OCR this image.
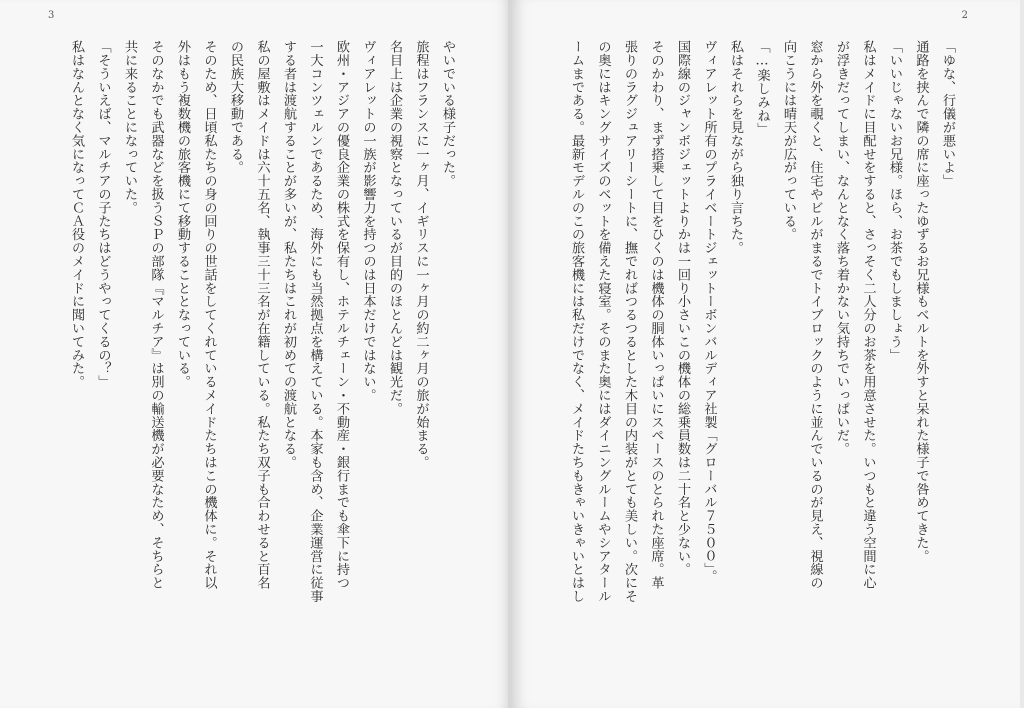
3

やいでいる様子だった。

旅程はフランスに一ヶ月、イギリスに一ヶ月の約二ヶ月の旅が始まる。

名目上は企業の視察となっているが目的のほとんどは観光だ。

ヴィアレットの一族が影響力を持つのは日本だけではない。

欧州・アジアの優良企業の株式を保有し、ホテルチェーン・不動産・銀行までも傘下に持つ

一大コンツェルンであるため、海外にも当然拠点を構えている。本家も含め、企業運営に従事

する者は渡航することが多いが、私たちはこれが初めての渡航となる。

私の屋敷はメイドは六十五名、執事三十三名が在籍している。私たち双子も合わせると百名

の民族大移動である。

そのため、日頃私たちの身の回りの世話をしてくれているメイドたちはこの機体に。それ以

外はもう複数機の旅客機にて移動することとなっている。

そのなかでも武器などを扱うＳＰの部隊『マルチア』は別の輸送機が必要なため、そちらと

共に来ることになっていた。

「そういえば、マルチアの子たちはどうやってくるの？」

私はなんとなく気になってＣＡ役のメイドに聞いてみた。

2

「ゆな、行儀が悪いよ」

通路を挟んで隣の席に座ったゆずるお兄様もベルトを外すと呆れた様子で咎めてきた。

「いいじゃないお兄様。ほら、お茶でもしましょう」

私はメイドに目配せをすると、さっそく二人分のお茶を用意させた。いつもと違う空間に心

が浮きだってしまい、なんとなく落ち着かない気持ちでいっぱいだ。

窓から外を覗くと、住宅やビルがまるでトイブロックのように並んでいるのが見え、視線の

向こうには晴天が広がっている。

「…楽しみね」

私はそれらを見ながら独り言ちた。

ヴィアレット所有のプライベートジェットーボンバルディア社製「グローバル７５００」。

国際線のジャンボジェットよりかは一回り小さいこの機体の総乗員数は二十名と少ない。

そのかわり、まず搭乗して目をひくのは機体の胴体いっぱいにスペースのとられた座席。革

張りのラグジュアリーシートに、撫でればつるつるとした木目の内装がとても美しい。次にそ

の奥にはキングサイズのベットを備えた寝室。そのまた奥にはダイニングルームやシアタール

ームまである。最新モデルのこの旅客機には私だけでなく、メイドたちもきゃいきゃいとはし
